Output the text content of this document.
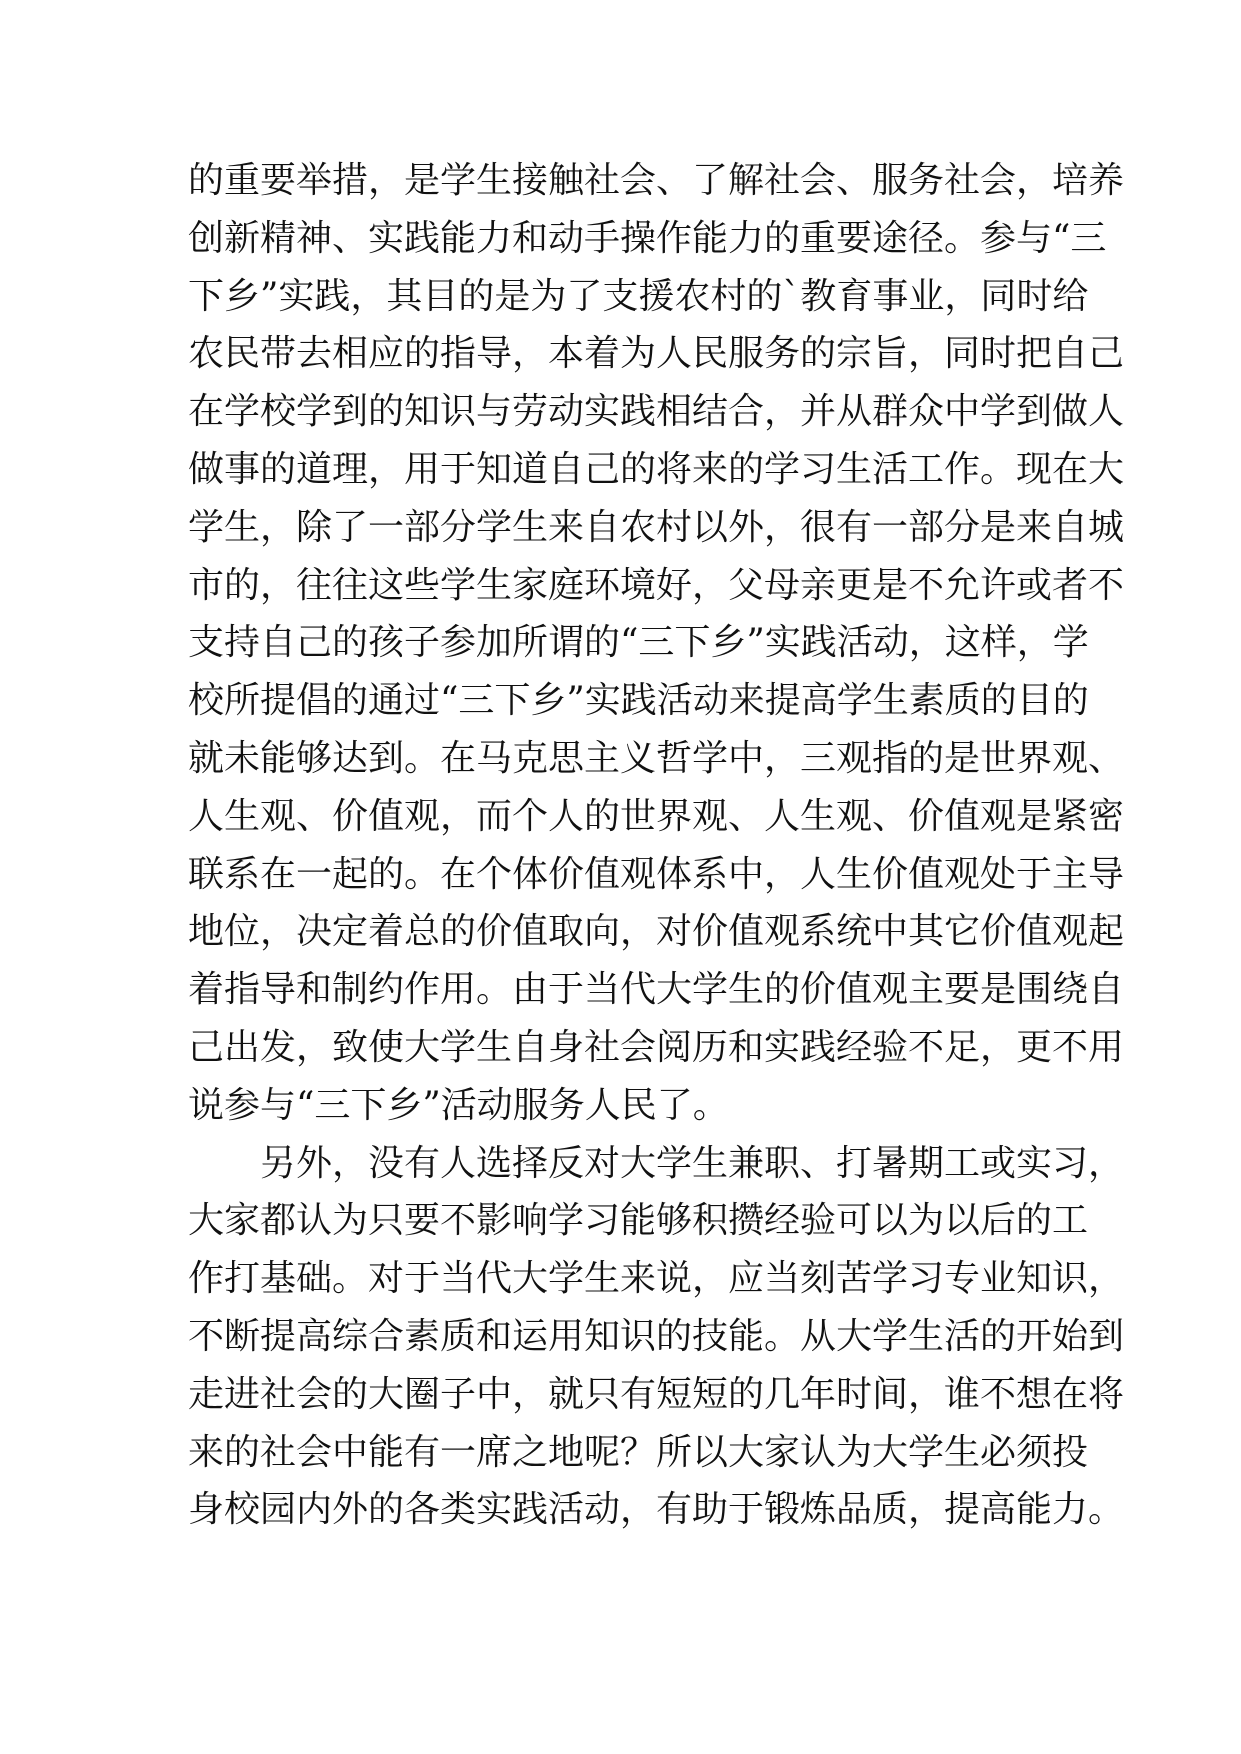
的重要举措，是学生接触社会、了解社会、服务社会，培养
创新精神、实践能力和动手操作能力的重要途径。参与“三
下乡”实践，其目的是为了支援农村的`教育事业，同时给
农民带去相应的指导，本着为人民服务的宗旨，同时把自己
在学校学到的知识与劳动实践相结合，并从群众中学到做人
做事的道理，用于知道自己的将来的学习生活工作。现在大
学生，除了一部分学生来自农村以外，很有一部分是来自城
市的，往往这些学生家庭环境好，父母亲更是不允许或者不
支持自己的孩子参加所谓的“三下乡”实践活动，这样，学
校所提倡的通过“三下乡”实践活动来提高学生素质的目的
就未能够达到。在马克思主义哲学中，三观指的是世界观、
人生观、价值观，而个人的世界观、人生观、价值观是紧密
联系在一起的。在个体价值观体系中，人生价值观处于主导
地位，决定着总的价值取向，对价值观系统中其它价值观起
着指导和制约作用。由于当代大学生的价值观主要是围绕自
己出发，致使大学生自身社会阅历和实践经验不足，更不用
说参与“三下乡”活动服务人民了。
另外，没有人选择反对大学生兼职、打暑期工或实习，
大家都认为只要不影响学习能够积攒经验可以为以后的工
作打基础。对于当代大学生来说，应当刻苦学习专业知识，
不断提高综合素质和运用知识的技能。从大学生活的开始到
走进社会的大圈子中，就只有短短的几年时间，谁不想在将
来的社会中能有一席之地呢？所以大家认为大学生必须投
身校园内外的各类实践活动，有助于锻炼品质，提高能力。
